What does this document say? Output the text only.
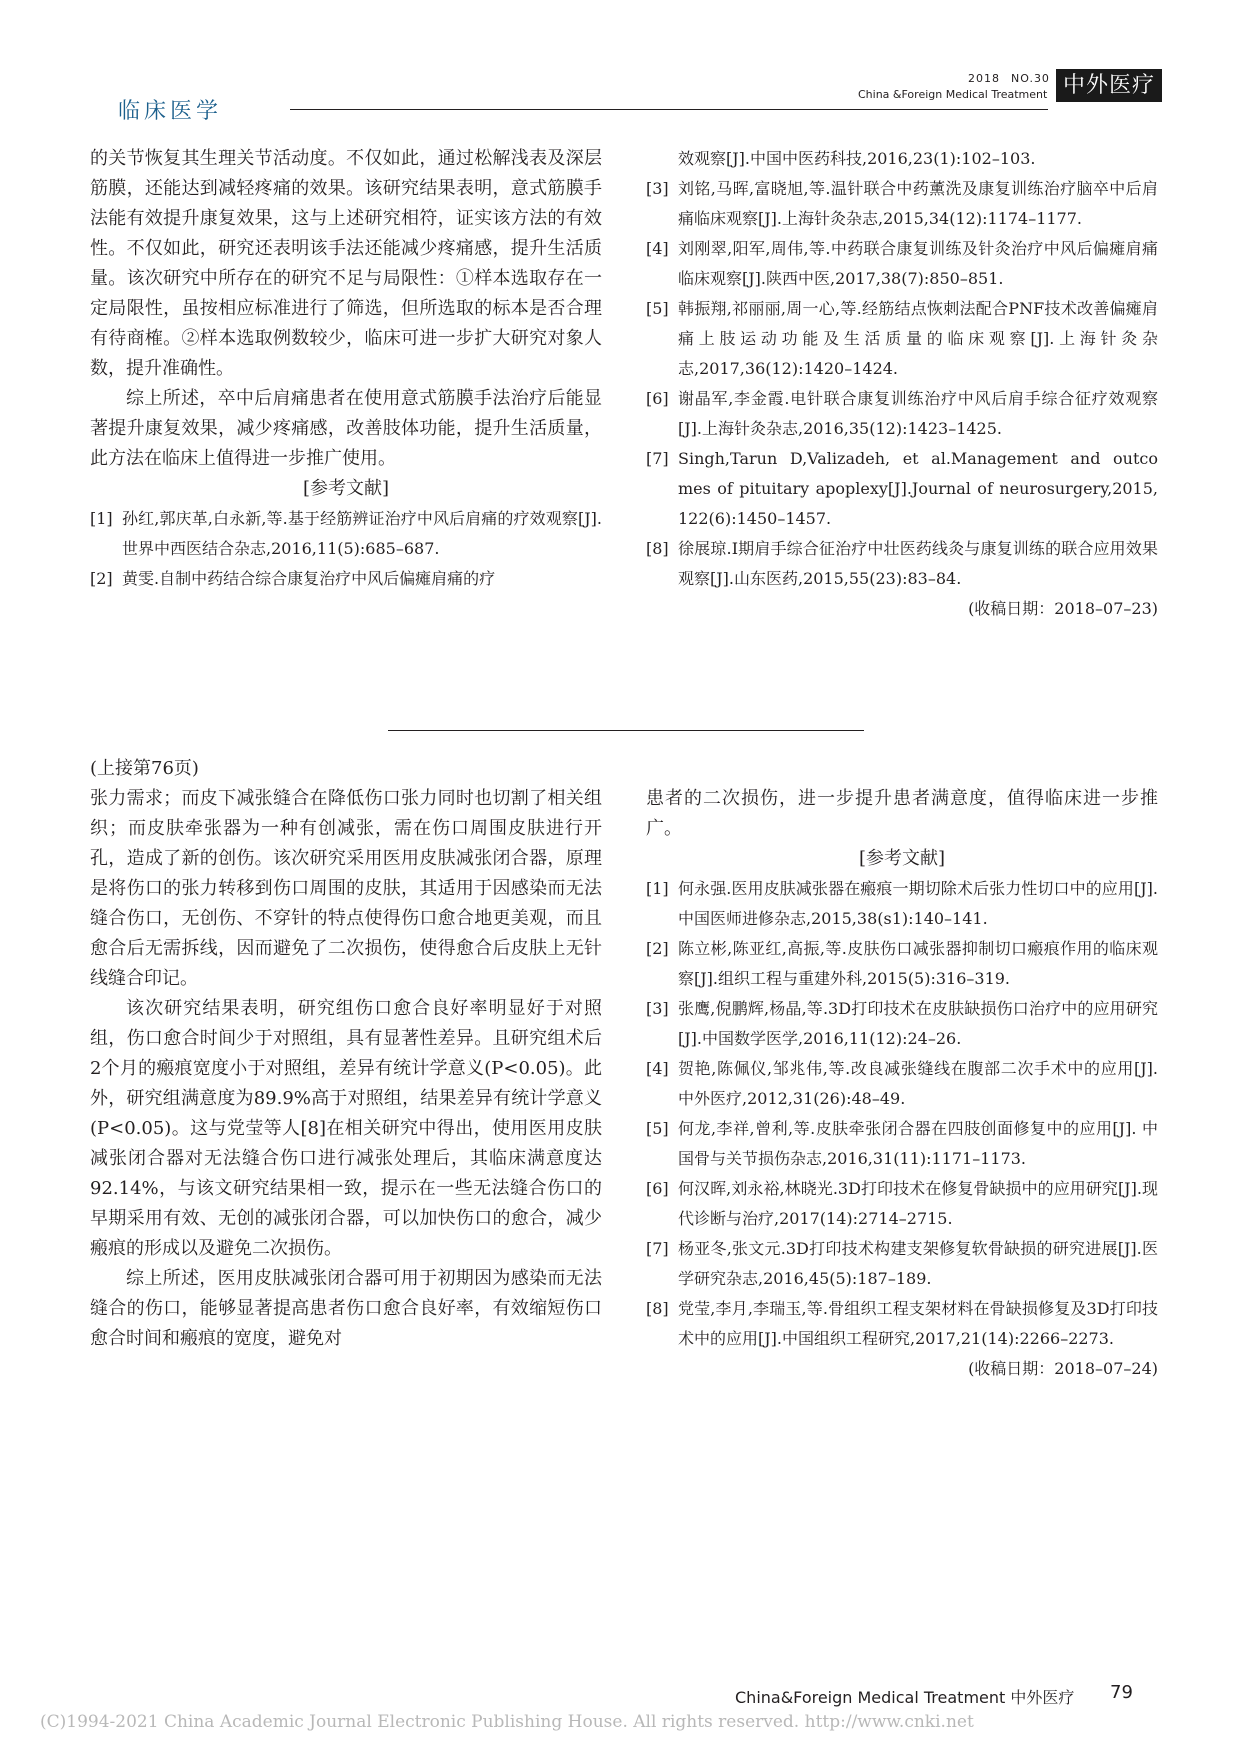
临床医学
2018 NO.30
China &Foreign Medical Treatment 中外医疗

的关节恢复其生理关节活动度。不仅如此，通过松解浅表及深层筋膜，还能达到减轻疼痛的效果。该研究结果表明，意式筋膜手法能有效提升康复效果，这与上述研究相符，证实该方法的有效性。不仅如此，研究还表明该手法还能减少疼痛感，提升生活质量。该次研究中所存在的研究不足与局限性：①样本选取存在一定局限性，虽按相应标准进行了筛选，但所选取的标本是否合理有待商榷。②样本选取例数较少，临床可进一步扩大研究对象人数，提升准确性。

综上所述，卒中后肩痛患者在使用意式筋膜手法治疗后能显著提升康复效果，减少疼痛感，改善肢体功能，提升生活质量，此方法在临床上值得进一步推广使用。

[参考文献]

[1] 孙红,郭庆革,白永新,等.基于经筋辨证治疗中风后肩痛的疗效观察[J].世界中西医结合杂志,2016,11(5):685–687.
[2] 黄雯.自制中药结合综合康复治疗中风后偏瘫肩痛的疗
效观察[J].中国中医药科技,2016,23(1):102–103.
[3] 刘铭,马晖,富晓旭,等.温针联合中药薰洗及康复训练治疗脑卒中后肩痛临床观察[J].上海针灸杂志,2015,34(12):1174–1177.
[4] 刘刚翠,阳军,周伟,等.中药联合康复训练及针灸治疗中风后偏瘫肩痛临床观察[J].陕西中医,2017,38(7):850–851.
[5] 韩振翔,祁丽丽,周一心,等.经筋结点恢刺法配合PNF技术改善偏瘫肩痛上肢运动功能及生活质量的临床观察[J].上海针灸杂志,2017,36(12):1420–1424.
[6] 谢晶军,李金霞.电针联合康复训练治疗中风后肩手综合征疗效观察[J].上海针灸杂志,2016,35(12):1423–1425.
[7] Singh,Tarun D,Valizadeh, et al.Management and outco mes of pituitary apoplexy[J].Journal of neurosurgery,2015, 122(6):1450–1457.
[8] 徐展琼.Ⅰ期肩手综合征治疗中壮医药线灸与康复训练的联合应用效果观察[J].山东医药,2015,55(23):83–84.
(收稿日期：2018–07–23)
(上接第76页)

张力需求；而皮下减张缝合在降低伤口张力同时也切割了相关组织；而皮肤牵张器为一种有创减张，需在伤口周围皮肤进行开孔，造成了新的创伤。该次研究采用医用皮肤减张闭合器，原理是将伤口的张力转移到伤口周围的皮肤，其适用于因感染而无法缝合伤口，无创伤、不穿针的特点使得伤口愈合地更美观，而且愈合后无需拆线，因而避免了二次损伤，使得愈合后皮肤上无针线缝合印记。

该次研究结果表明，研究组伤口愈合良好率明显好于对照组，伤口愈合时间少于对照组，具有显著性差异。且研究组术后2个月的瘢痕宽度小于对照组，差异有统计学意义(P<0.05)。此外，研究组满意度为89.9%高于对照组，结果差异有统计学意义(P<0.05)。这与党莹等人[8]在相关研究中得出，使用医用皮肤减张闭合器对无法缝合伤口进行减张处理后，其临床满意度达92.14%，与该文研究结果相一致，提示在一些无法缝合伤口的早期采用有效、无创的减张闭合器，可以加快伤口的愈合，减少瘢痕的形成以及避免二次损伤。

综上所述，医用皮肤减张闭合器可用于初期因为感染而无法缝合的伤口，能够显著提高患者伤口愈合良好率，有效缩短伤口愈合时间和瘢痕的宽度，避免对

患者的二次损伤，进一步提升患者满意度，值得临床进一步推广。

[参考文献]

[1] 何永强.医用皮肤减张器在瘢痕一期切除术后张力性切口中的应用[J].中国医师进修杂志,2015,38(s1):140–141.
[2] 陈立彬,陈亚红,高振,等.皮肤伤口减张器抑制切口瘢痕作用的临床观察[J].组织工程与重建外科,2015(5):316–319.
[3] 张鹰,倪鹏辉,杨晶,等.3D打印技术在皮肤缺损伤口治疗中的应用研究[J].中国数学医学,2016,11(12):24–26.
[4] 贺艳,陈佩仪,邹兆伟,等.改良减张缝线在腹部二次手术中的应用[J]. 中外医疗,2012,31(26):48–49.
[5] 何龙,李祥,曾利,等.皮肤牵张闭合器在四肢创面修复中的应用[J]. 中国骨与关节损伤杂志,2016,31(11):1171–1173.
[6] 何汉晖,刘永裕,林晓光.3D打印技术在修复骨缺损中的应用研究[J].现代诊断与治疗,2017(14):2714–2715.
[7] 杨亚冬,张文元.3D打印技术构建支架修复软骨缺损的研究进展[J].医学研究杂志,2016,45(5):187–189.
[8] 党莹,李月,李瑞玉,等.骨组织工程支架材料在骨缺损修复及3D打印技术中的应用[J].中国组织工程研究,2017,21(14):2266–2273.
(收稿日期：2018–07–24)
China&Foreign Medical Treatment 中外医疗 79
(C)1994-2021 China Academic Journal Electronic Publishing House. All rights reserved. http://www.cnki.net
